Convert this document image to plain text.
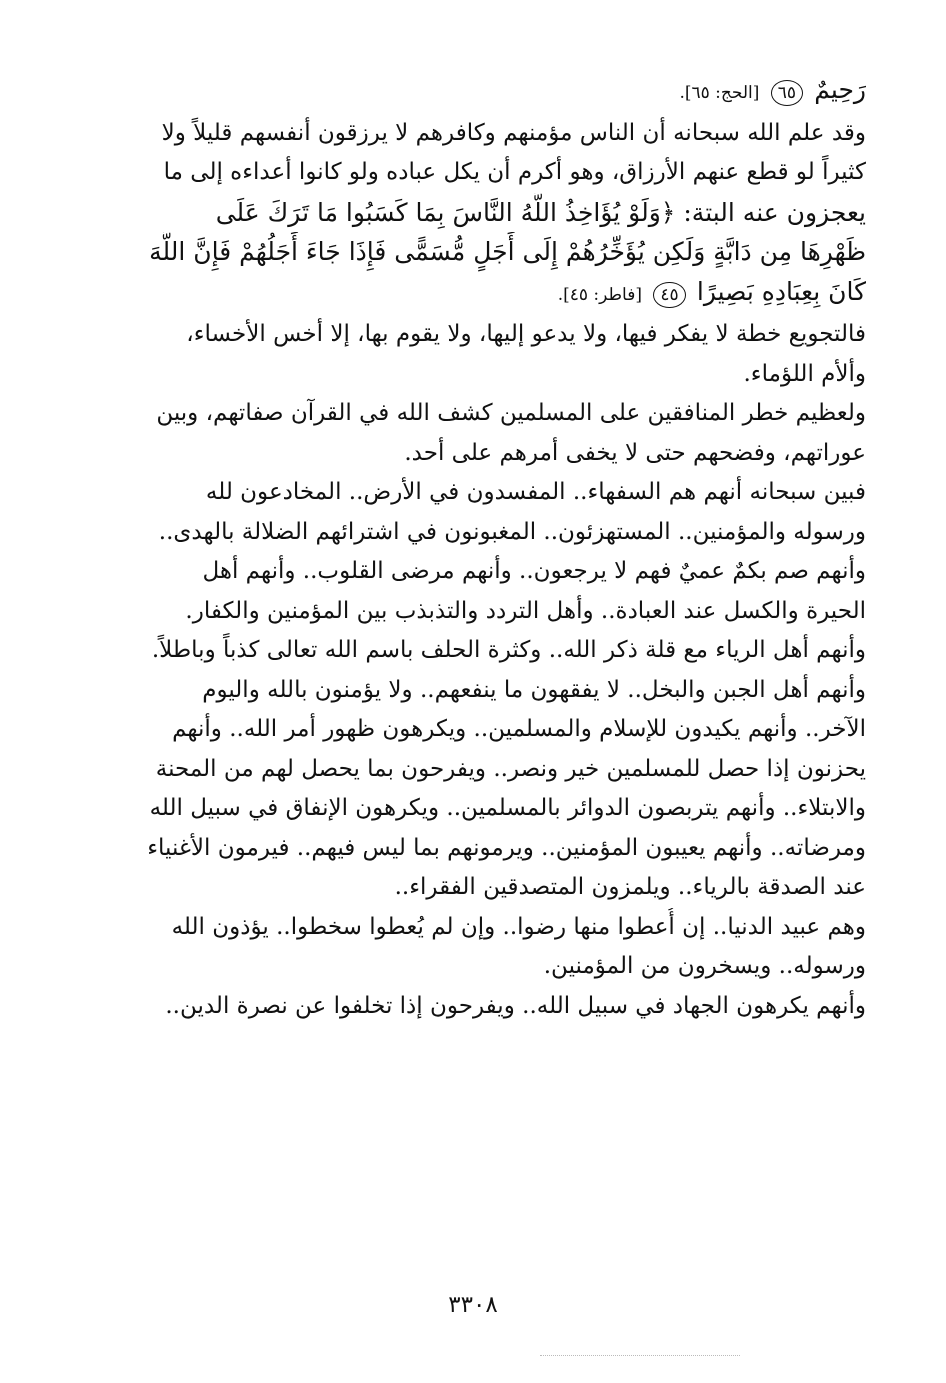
رَحِيمٌ ٦٥ [الحج: ٦٥].
وقد علم الله سبحانه أن الناس مؤمنهم وكافرهم لا يرزقون أنفسهم قليلاً ولا
كثيراً لو قطع عنهم الأرزاق، وهو أكرم أن يكل عباده ولو كانوا أعداءه إلى ما
يعجزون عنه البتة: ﴿وَلَوْ يُؤَاخِذُ اللَّهُ النَّاسَ بِمَا كَسَبُوا مَا تَرَكَ عَلَى
ظَهْرِهَا مِن دَابَّةٍ وَلَكِن يُؤَخِّرُهُمْ إِلَى أَجَلٍ مُّسَمًّى فَإِذَا جَاءَ أَجَلُهُمْ فَإِنَّ اللَّهَ
كَانَ بِعِبَادِهِ بَصِيرًا ٤٥ [فاطر: ٤٥].
فالتجويع خطة لا يفكر فيها، ولا يدعو إليها، ولا يقوم بها، إلا أخس الأخساء،
وألأم اللؤماء.
ولعظيم خطر المنافقين على المسلمين كشف الله في القرآن صفاتهم، وبين
عوراتهم، وفضحهم حتى لا يخفى أمرهم على أحد.
فبين سبحانه أنهم هم السفهاء.. المفسدون في الأرض.. المخادعون لله
ورسوله والمؤمنين.. المستهزئون.. المغبونون في اشترائهم الضلالة بالهدى..
وأنهم صم بكمٌ عميٌ فهم لا يرجعون.. وأنهم مرضى القلوب.. وأنهم أهل
الحيرة والكسل عند العبادة.. وأهل التردد والتذبذب بين المؤمنين والكفار.
وأنهم أهل الرياء مع قلة ذكر الله.. وكثرة الحلف باسم الله تعالى كذباً وباطلاً.
وأنهم أهل الجبن والبخل.. لا يفقهون ما ينفعهم.. ولا يؤمنون بالله واليوم
الآخر.. وأنهم يكيدون للإسلام والمسلمين.. ويكرهون ظهور أمر الله.. وأنهم
يحزنون إذا حصل للمسلمين خير ونصر.. ويفرحون بما يحصل لهم من المحنة
والابتلاء.. وأنهم يتربصون الدوائر بالمسلمين.. ويكرهون الإنفاق في سبيل الله
ومرضاته.. وأنهم يعيبون المؤمنين.. ويرمونهم بما ليس فيهم.. فيرمون الأغنياء
عند الصدقة بالرياء.. ويلمزون المتصدقين الفقراء..
وهم عبيد الدنيا.. إن أُعطوا منها رضوا.. وإن لم يُعطوا سخطوا.. يؤذون الله
ورسوله.. ويسخرون من المؤمنين.
وأنهم يكرهون الجهاد في سبيل الله.. ويفرحون إذا تخلفوا عن نصرة الدين..
٣٣٠٨
